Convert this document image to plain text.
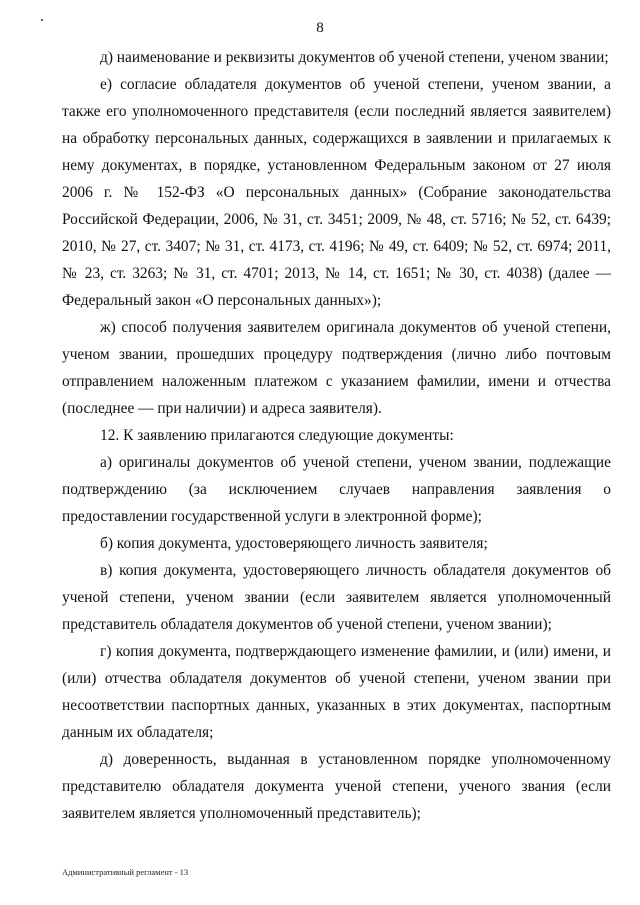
8

д) наименование и реквизиты документов об ученой степени, ученом звании;

е) согласие обладателя документов об ученой степени, ученом звании, а также его уполномоченного представителя (если последний является заявителем) на обработку персональных данных, содержащихся в заявлении и прилагаемых к нему документах, в порядке, установленном Федеральным законом от 27 июля 2006 г. № 152-ФЗ «О персональных данных» (Собрание законодательства Российской Федерации, 2006, № 31, ст. 3451; 2009, № 48, ст. 5716; № 52, ст. 6439; 2010, № 27, ст. 3407; № 31, ст. 4173, ст. 4196; № 49, ст. 6409; № 52, ст. 6974; 2011, № 23, ст. 3263; № 31, ст. 4701; 2013, № 14, ст. 1651; № 30, ст. 4038) (далее — Федеральный закон «О персональных данных»);

ж) способ получения заявителем оригинала документов об ученой степени, ученом звании, прошедших процедуру подтверждения (лично либо почтовым отправлением наложенным платежом с указанием фамилии, имени и отчества (последнее — при наличии) и адреса заявителя).

12. К заявлению прилагаются следующие документы:

а) оригиналы документов об ученой степени, ученом звании, подлежащие подтверждению (за исключением случаев направления заявления о предоставлении государственной услуги в электронной форме);

б) копия документа, удостоверяющего личность заявителя;

в) копия документа, удостоверяющего личность обладателя документов об ученой степени, ученом звании (если заявителем является уполномоченный представитель обладателя документов об ученой степени, ученом звании);

г) копия документа, подтверждающего изменение фамилии, и (или) имени, и (или) отчества обладателя документов об ученой степени, ученом звании при несоответствии паспортных данных, указанных в этих документах, паспортным данным их обладателя;

д) доверенность, выданная в установленном порядке уполномоченному представителю обладателя документа ученой степени, ученого звания (если заявителем является уполномоченный представитель);

Административный регламент - 13
